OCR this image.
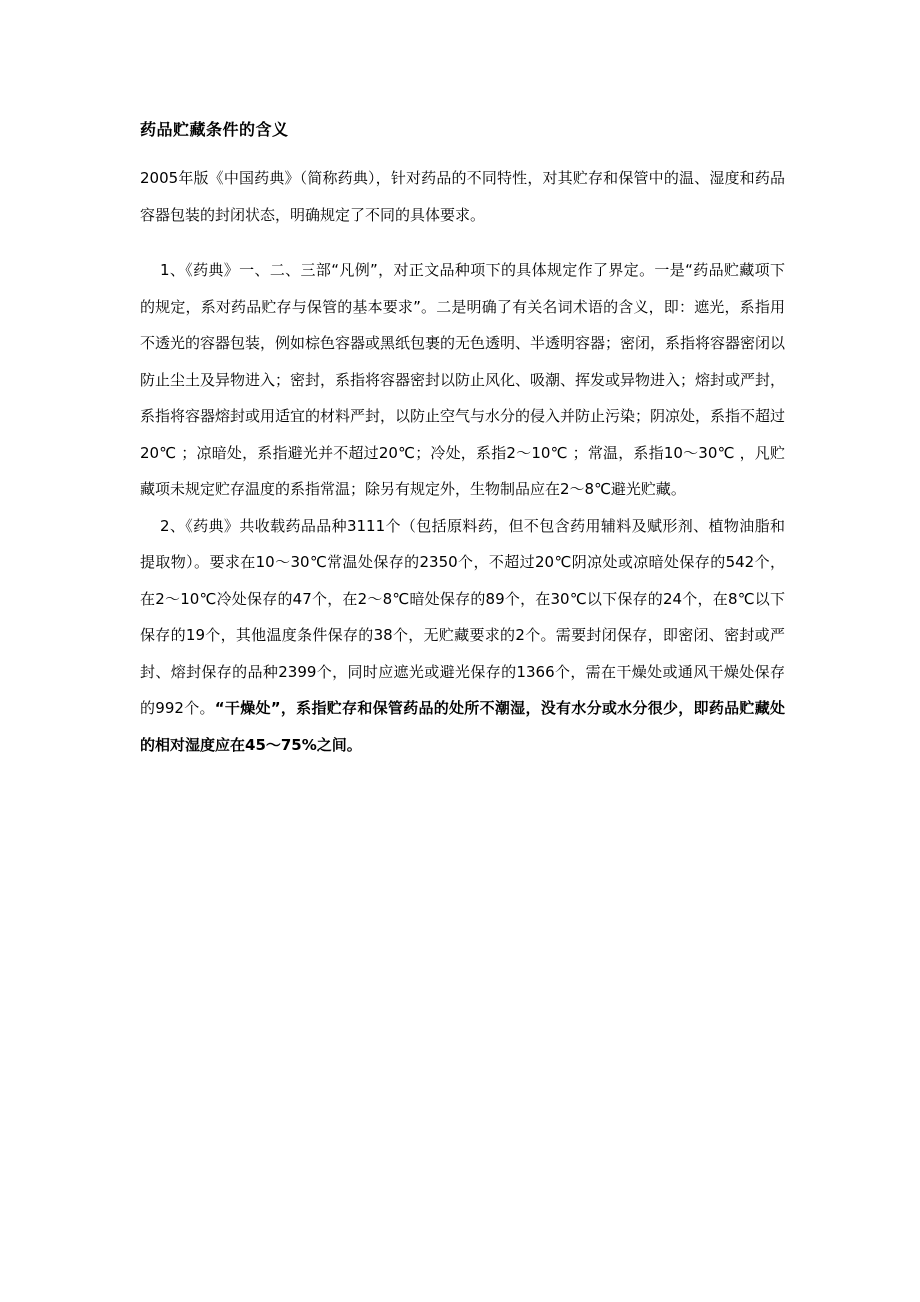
药品贮藏条件的含义

2005年版《中国药典》（简称药典），针对药品的不同特性，对其贮存和保管中的温、湿度和药品容器包装的封闭状态，明确规定了不同的具体要求。

1、《药典》一、二、三部“凡例”，对正文品种项下的具体规定作了界定。一是“药品贮藏项下的规定，系对药品贮存与保管的基本要求”。二是明确了有关名词术语的含义，即：遮光，系指用不透光的容器包装，例如棕色容器或黑纸包裹的无色透明、半透明容器；密闭，系指将容器密闭以防止尘土及异物进入；密封，系指将容器密封以防止风化、吸潮、挥发或异物进入；熔封或严封，系指将容器熔封或用适宜的材料严封，以防止空气与水分的侵入并防止污染；阴凉处，系指不超过20℃ ；凉暗处，系指避光并不超过20℃；冷处，系指2～10℃ ；常温，系指10～30℃ ，凡贮藏项未规定贮存温度的系指常温；除另有规定外，生物制品应在2～8℃避光贮藏。

2、《药典》共收载药品品种3111个（包括原料药，但不包含药用辅料及赋形剂、植物油脂和提取物）。要求在10～30℃常温处保存的2350个，不超过20℃阴凉处或凉暗处保存的542个，在2～10℃冷处保存的47个，在2～8℃暗处保存的89个，在30℃以下保存的24个，在8℃以下保存的19个，其他温度条件保存的38个，无贮藏要求的2个。需要封闭保存，即密闭、密封或严封、熔封保存的品种2399个，同时应遮光或避光保存的1366个，需在干燥处或通风干燥处保存的992个。“干燥处”，系指贮存和保管药品的处所不潮湿，没有水分或水分很少，即药品贮藏处的相对湿度应在45～75%之间。
